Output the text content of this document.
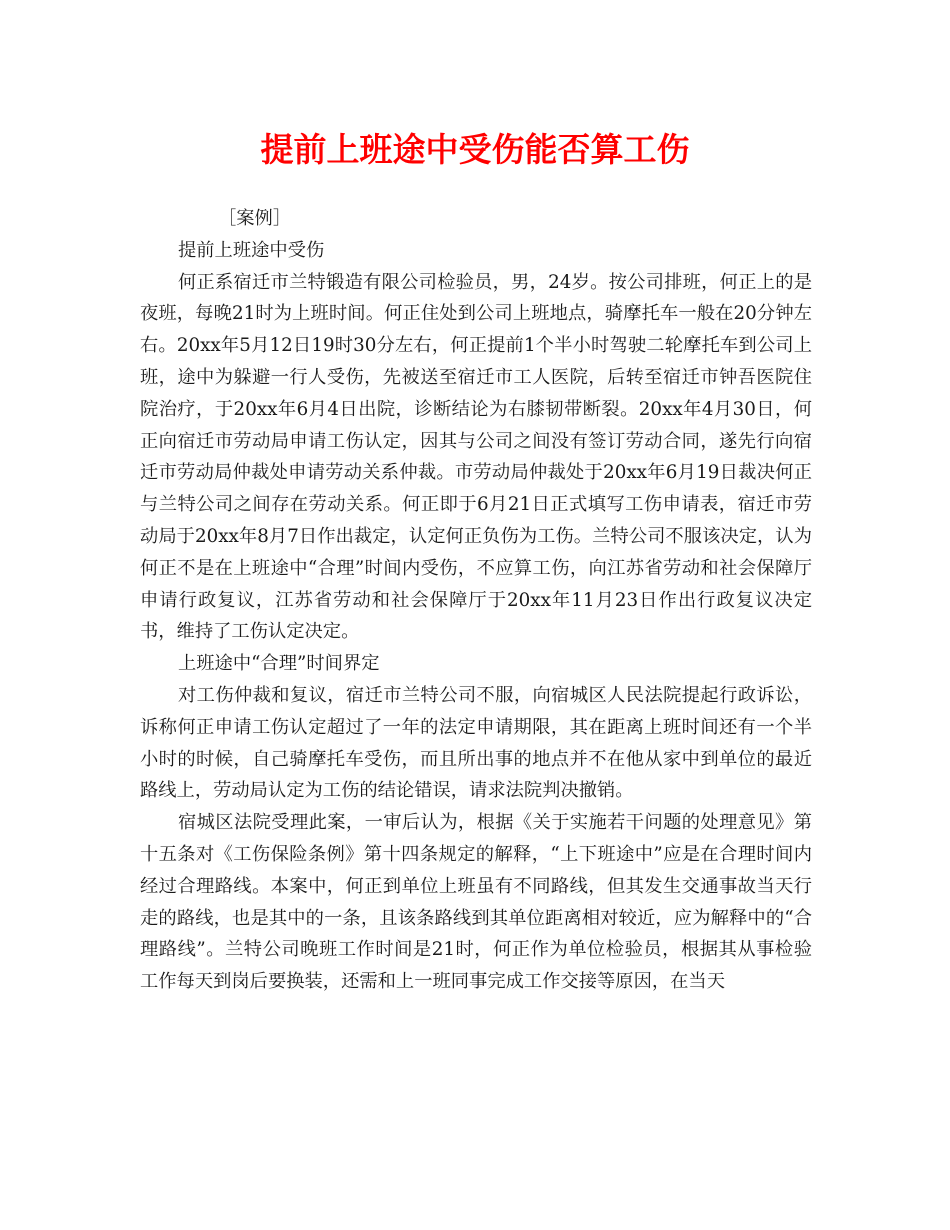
提前上班途中受伤能否算工伤

［案例］

提前上班途中受伤

何正系宿迁市兰特锻造有限公司检验员，男，24岁。按公司排班，何正上的是夜班，每晚21时为上班时间。何正住处到公司上班地点，骑摩托车一般在20分钟左右。20xx年5月12日19时30分左右，何正提前1个半小时驾驶二轮摩托车到公司上班，途中为躲避一行人受伤，先被送至宿迁市工人医院，后转至宿迁市钟吾医院住院治疗，于20xx年6月4日出院，诊断结论为右膝韧带断裂。20xx年4月30日，何正向宿迁市劳动局申请工伤认定，因其与公司之间没有签订劳动合同，遂先行向宿迁市劳动局仲裁处申请劳动关系仲裁。市劳动局仲裁处于20xx年6月19日裁决何正与兰特公司之间存在劳动关系。何正即于6月21日正式填写工伤申请表，宿迁市劳动局于20xx年8月7日作出裁定，认定何正负伤为工伤。兰特公司不服该决定，认为何正不是在上班途中“合理”时间内受伤，不应算工伤，向江苏省劳动和社会保障厅申请行政复议，江苏省劳动和社会保障厅于20xx年11月23日作出行政复议决定书，维持了工伤认定决定。

上班途中“合理”时间界定

对工伤仲裁和复议，宿迁市兰特公司不服，向宿城区人民法院提起行政诉讼，诉称何正申请工伤认定超过了一年的法定申请期限，其在距离上班时间还有一个半小时的时候，自己骑摩托车受伤，而且所出事的地点并不在他从家中到单位的最近路线上，劳动局认定为工伤的结论错误，请求法院判决撤销。

宿城区法院受理此案，一审后认为，根据《关于实施若干问题的处理意见》第十五条对《工伤保险条例》第十四条规定的解释，“上下班途中”应是在合理时间内经过合理路线。本案中，何正到单位上班虽有不同路线，但其发生交通事故当天行走的路线，也是其中的一条，且该条路线到其单位距离相对较近，应为解释中的“合理路线”。兰特公司晚班工作时间是21时，何正作为单位检验员，根据其从事检验工作每天到岗后要换装，还需和上一班同事完成工作交接等原因，在当天
